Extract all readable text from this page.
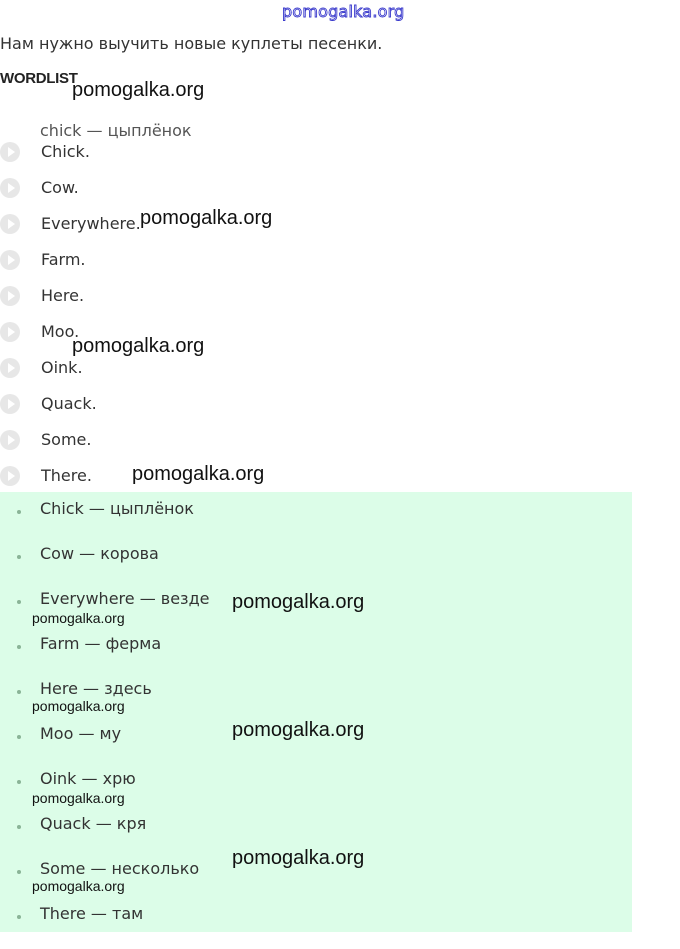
pomogalka.org
Нам нужно выучить новые куплеты песенки.
WORDLIST
chick — цыплёнок
Chick.
Cow.
Everywhere.
Farm.
Here.
Moo.
Oink.
Quack.
Some.
There.
Chick — цыплёнок
Cow — корова
Everywhere — везде
Farm — ферма
Here — здесь
Moo — му
Oink — хрю
Quack — кря
Some — несколько
There — там
pomogalka.org
pomogalka.org
pomogalka.org
pomogalka.org
pomogalka.org
pomogalka.org
pomogalka.org
pomogalka.org
pomogalka.org
pomogalka.org
pomogalka.org
